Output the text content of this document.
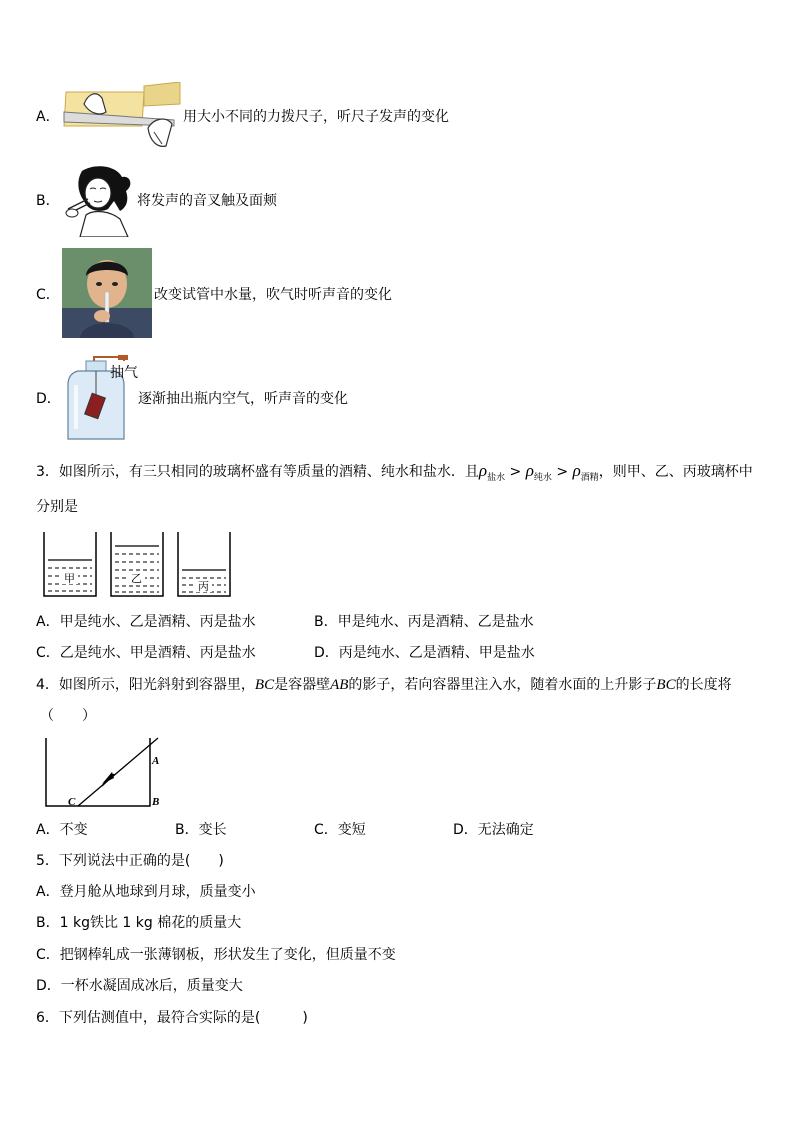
A．	用大小不同的力拨尺子，听尺子发声的变化
B．	将发声的音叉触及面颊
C．	改变试管中水量，吹气时听声音的变化
D．
抽气
逐渐抽出瓶内空气，听声音的变化
3．如图所示，有三只相同的玻璃杯盛有等质量的酒精、纯水和盐水．且$\rho_{盐水} > \rho_{纯水} > \rho_{酒精}$，则甲、乙、丙玻璃杯中
分别是
甲	乙
丙
A．甲是纯水、乙是酒精、丙是盐水	B．甲是纯水、丙是酒精、乙是盐水
C．乙是纯水、甲是酒精、丙是盐水	D．丙是纯水、乙是酒精、甲是盐水
4．如图所示，阳光斜射到容器里，BC是容器壁AB的影子，若向容器里注入水，随着水面的上升影子BC的长度将
（　　）
A
B
C
A．不变	B．变长	C．变短	D．无法确定
5．下列说法中正确的是(　　)
A．登月舱从地球到月球，质量变小
B．1 kg铁比 1 kg 棉花的质量大
C．把钢棒轧成一张薄钢板，形状发生了变化，但质量不变
D．一杯水凝固成冰后，质量变大
6．下列估测值中，最符合实际的是(　　　)
